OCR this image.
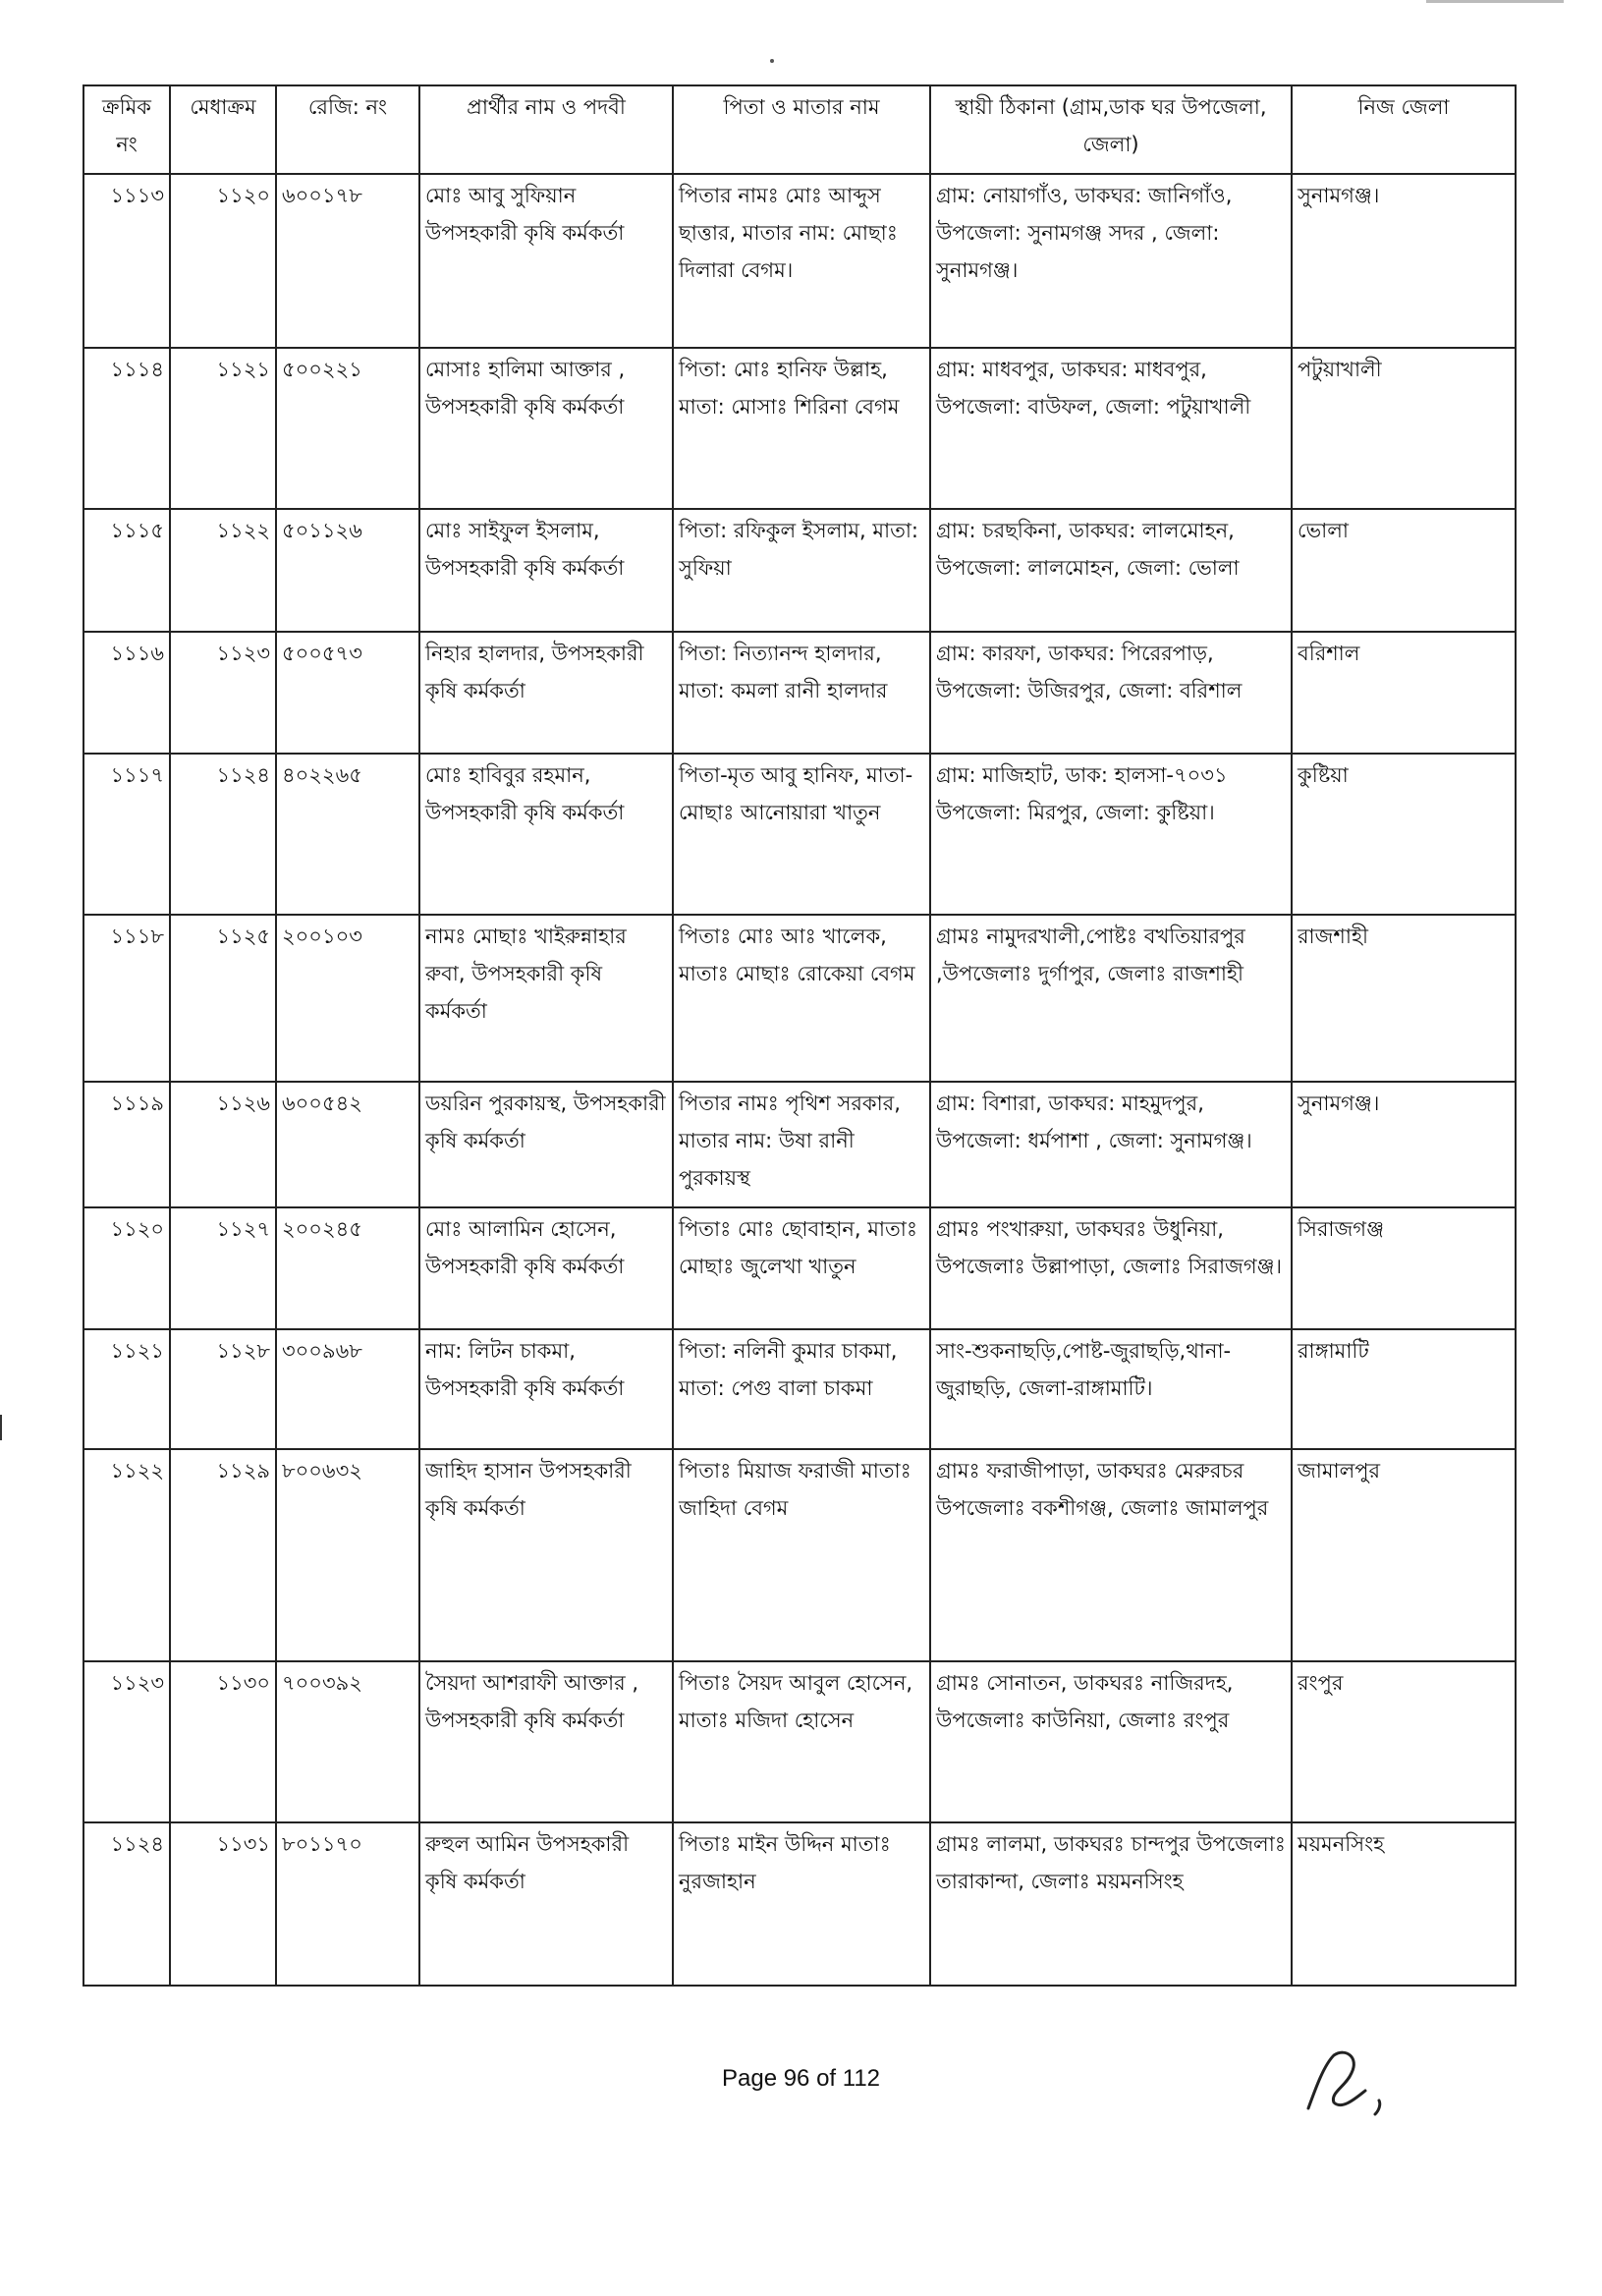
ক্রমিক নং	মেধাক্রম	রেজি: নং	প্রার্থীর নাম ও পদবী	পিতা ও মাতার নাম	স্থায়ী ঠিকানা (গ্রাম,ডাক ঘর উপজেলা, জেলা)	নিজ জেলা
১১১৩	১১২০	৬০০১৭৮	মোঃ আবু সুফিয়ান উপসহকারী কৃষি কর্মকর্তা	পিতার নামঃ মোঃ আব্দুস ছাত্তার, মাতার নাম: মোছাঃ দিলারা বেগম।	গ্রাম: নোয়াগাঁও, ডাকঘর: জানিগাঁও, উপজেলা: সুনামগঞ্জ সদর , জেলা: সুনামগঞ্জ।	সুনামগঞ্জ।
১১১৪	১১২১	৫০০২২১	মোসাঃ হালিমা আক্তার , উপসহকারী কৃষি কর্মকর্তা	পিতা: মোঃ হানিফ উল্লাহ, মাতা: মোসাঃ শিরিনা বেগম	গ্রাম: মাধবপুর, ডাকঘর: মাধবপুর, উপজেলা: বাউফল, জেলা: পটুয়াখালী	পটুয়াখালী
১১১৫	১১২২	৫০১১২৬	মোঃ সাইফুল ইসলাম, উপসহকারী কৃষি কর্মকর্তা	পিতা: রফিকুল ইসলাম, মাতা: সুফিয়া	গ্রাম: চরছকিনা, ডাকঘর: লালমোহন, উপজেলা: লালমোহন, জেলা: ভোলা	ভোলা
১১১৬	১১২৩	৫০০৫৭৩	নিহার হালদার, উপসহকারী কৃষি কর্মকর্তা	পিতা: নিত্যানন্দ হালদার, মাতা: কমলা রানী হালদার	গ্রাম: কারফা, ডাকঘর: পিরেরপাড়, উপজেলা: উজিরপুর, জেলা: বরিশাল	বরিশাল
১১১৭	১১২৪	৪০২২৬৫	মোঃ হাবিবুর রহমান, উপসহকারী কৃষি কর্মকর্তা	পিতা-মৃত আবু হানিফ, মাতা-মোছাঃ আনোয়ারা খাতুন	গ্রাম: মাজিহাট, ডাক: হালসা-৭০৩১ উপজেলা: মিরপুর, জেলা: কুষ্টিয়া।	কুষ্টিয়া
১১১৮	১১২৫	২০০১০৩	নামঃ মোছাঃ খাইরুন্নাহার রুবা, উপসহকারী কৃষি কর্মকর্তা	পিতাঃ মোঃ আঃ খালেক, মাতাঃ মোছাঃ রোকেয়া বেগম	গ্রামঃ নামুদরখালী,পোষ্টঃ বখতিয়ারপুর ,উপজেলাঃ দুর্গাপুর, জেলাঃ রাজশাহী	রাজশাহী
১১১৯	১১২৬	৬০০৫৪২	ডয়রিন পুরকায়স্থ, উপসহকারী কৃষি কর্মকর্তা	পিতার নামঃ পৃথিশ সরকার, মাতার নাম: উষা রানী পুরকায়স্থ	গ্রাম: বিশারা, ডাকঘর: মাহমুদপুর, উপজেলা: ধর্মপাশা , জেলা: সুনামগঞ্জ।	সুনামগঞ্জ।
১১২০	১১২৭	২০০২৪৫	মোঃ আলামিন হোসেন, উপসহকারী কৃষি কর্মকর্তা	পিতাঃ মোঃ ছোবাহান, মাতাঃ মোছাঃ জুলেখা খাতুন	গ্রামঃ পংখারুয়া, ডাকঘরঃ উধুনিয়া, উপজেলাঃ উল্লাপাড়া, জেলাঃ সিরাজগঞ্জ।	সিরাজগঞ্জ
১১২১	১১২৮	৩০০৯৬৮	নাম: লিটন চাকমা, উপসহকারী কৃষি কর্মকর্তা	পিতা: নলিনী কুমার চাকমা, মাতা: পেগু বালা চাকমা	সাং-শুকনাছড়ি,পোষ্ট-জুরাছড়ি,থানা-জুরাছড়ি, জেলা-রাঙ্গামাটি।	রাঙ্গামাটি
১১২২	১১২৯	৮০০৬৩২	জাহিদ হাসান উপসহকারী কৃষি কর্মকর্তা	পিতাঃ মিয়াজ ফরাজী মাতাঃ জাহিদা বেগম	গ্রামঃ ফরাজীপাড়া, ডাকঘরঃ মেরুরচর উপজেলাঃ বকশীগঞ্জ, জেলাঃ জামালপুর	জামালপুর
১১২৩	১১৩০	৭০০৩৯২	সৈয়দা আশরাফী আক্তার , উপসহকারী কৃষি কর্মকর্তা	পিতাঃ সৈয়দ আবুল হোসেন, মাতাঃ মজিদা হোসেন	গ্রামঃ সোনাতন, ডাকঘরঃ নাজিরদহ, উপজেলাঃ কাউনিয়া, জেলাঃ রংপুর	রংপুর
১১২৪	১১৩১	৮০১১৭০	রুহুল আমিন উপসহকারী কৃষি কর্মকর্তা	পিতাঃ মাইন উদ্দিন মাতাঃ নুরজাহান	গ্রামঃ লালমা, ডাকঘরঃ চান্দপুর উপজেলাঃ তারাকান্দা, জেলাঃ ময়মনসিংহ	ময়মনসিংহ
Page 96 of 112
